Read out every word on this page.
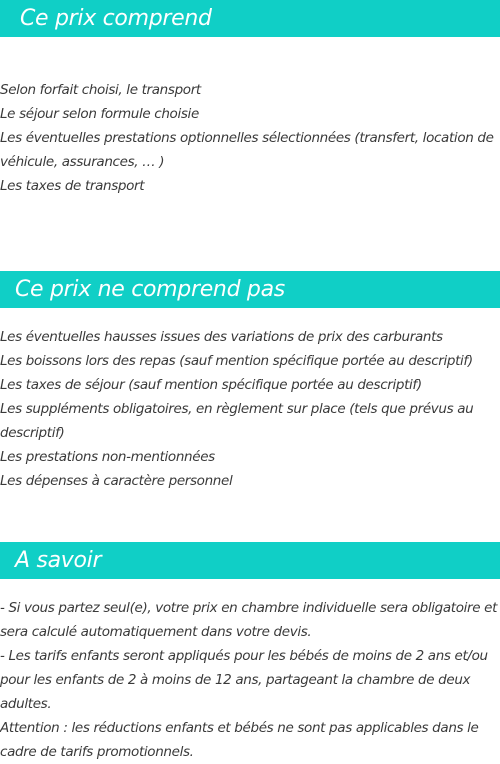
Ce prix comprend
Selon forfait choisi, le transport
Le séjour selon formule choisie
Les éventuelles prestations optionnelles sélectionnées (transfert, location de véhicule, assurances, … )
Les taxes de transport
Ce prix ne comprend pas
Les éventuelles hausses issues des variations de prix des carburants
Les boissons lors des repas (sauf mention spécifique portée au descriptif)
Les taxes de séjour (sauf mention spécifique portée au descriptif)
Les suppléments obligatoires, en règlement sur place (tels que prévus au descriptif)
Les prestations non-mentionnées
Les dépenses à caractère personnel
A savoir
- Si vous partez seul(e), votre prix en chambre individuelle sera obligatoire et sera calculé automatiquement dans votre devis.
- Les tarifs enfants seront appliqués pour les bébés de moins de 2 ans et/ou pour les enfants de 2 à moins de 12 ans, partageant la chambre de deux adultes.
Attention : les réductions enfants et bébés ne sont pas applicables dans le cadre de tarifs promotionnels.
